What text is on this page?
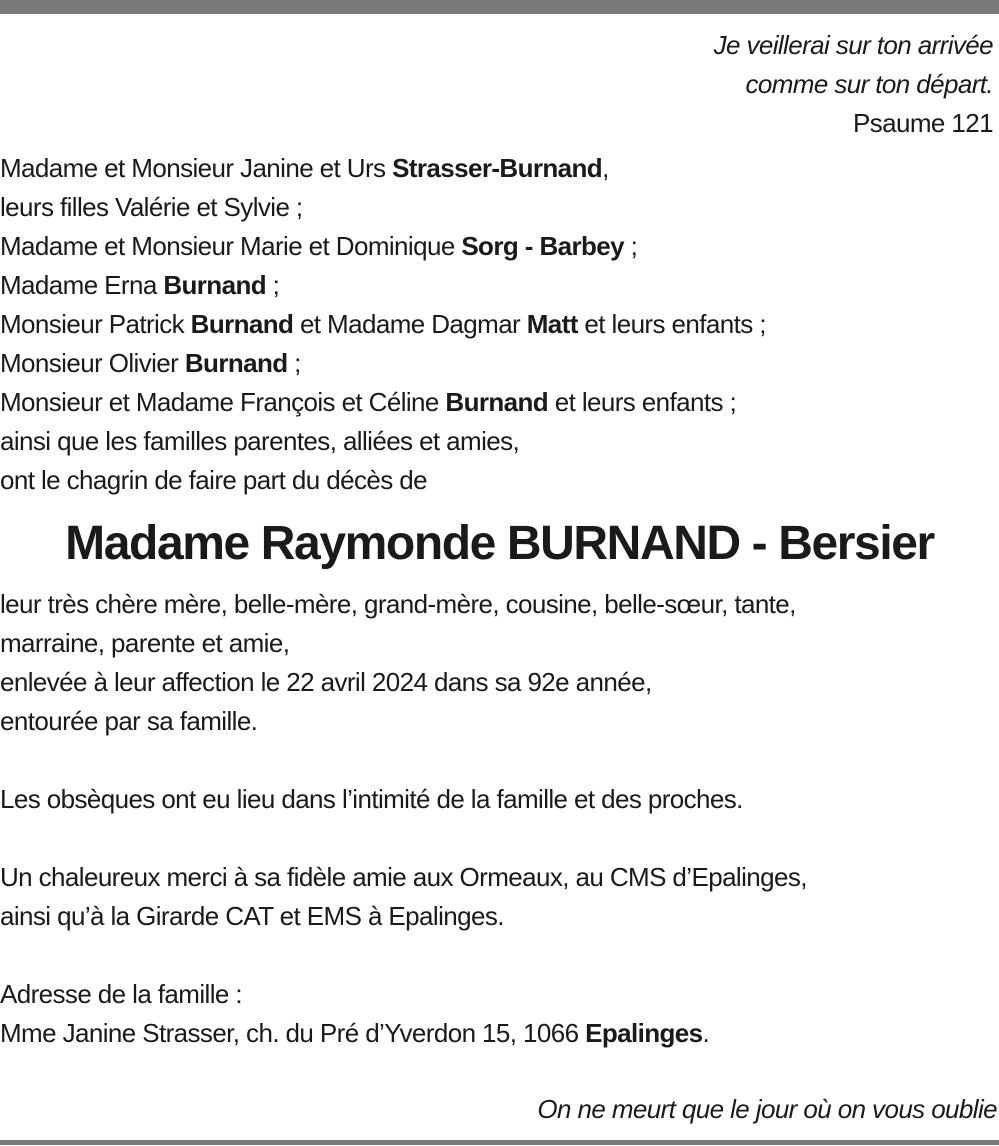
Je veillerai sur ton arrivée
comme sur ton départ.
Psaume 121
Madame et Monsieur Janine et Urs Strasser-Burnand,
leurs filles Valérie et Sylvie ;
Madame et Monsieur Marie et Dominique Sorg - Barbey ;
Madame Erna Burnand ;
Monsieur Patrick Burnand et Madame Dagmar Matt et leurs enfants ;
Monsieur Olivier Burnand ;
Monsieur et Madame François et Céline Burnand et leurs enfants ;
ainsi que les familles parentes, alliées et amies,
ont le chagrin de faire part du décès de
Madame Raymonde BURNAND - Bersier
leur très chère mère, belle-mère, grand-mère, cousine, belle-sœur, tante,
marraine, parente et amie,
enlevée à leur affection le 22 avril 2024 dans sa 92e année,
entourée par sa famille.
Les obsèques ont eu lieu dans l’intimité de la famille et des proches.
Un chaleureux merci à sa fidèle amie aux Ormeaux, au CMS d’Epalinges,
ainsi qu’à la Girarde CAT et EMS à Epalinges.
Adresse de la famille :
Mme Janine Strasser, ch. du Pré d’Yverdon 15, 1066 Epalinges.
On ne meurt que le jour où on vous oublie
